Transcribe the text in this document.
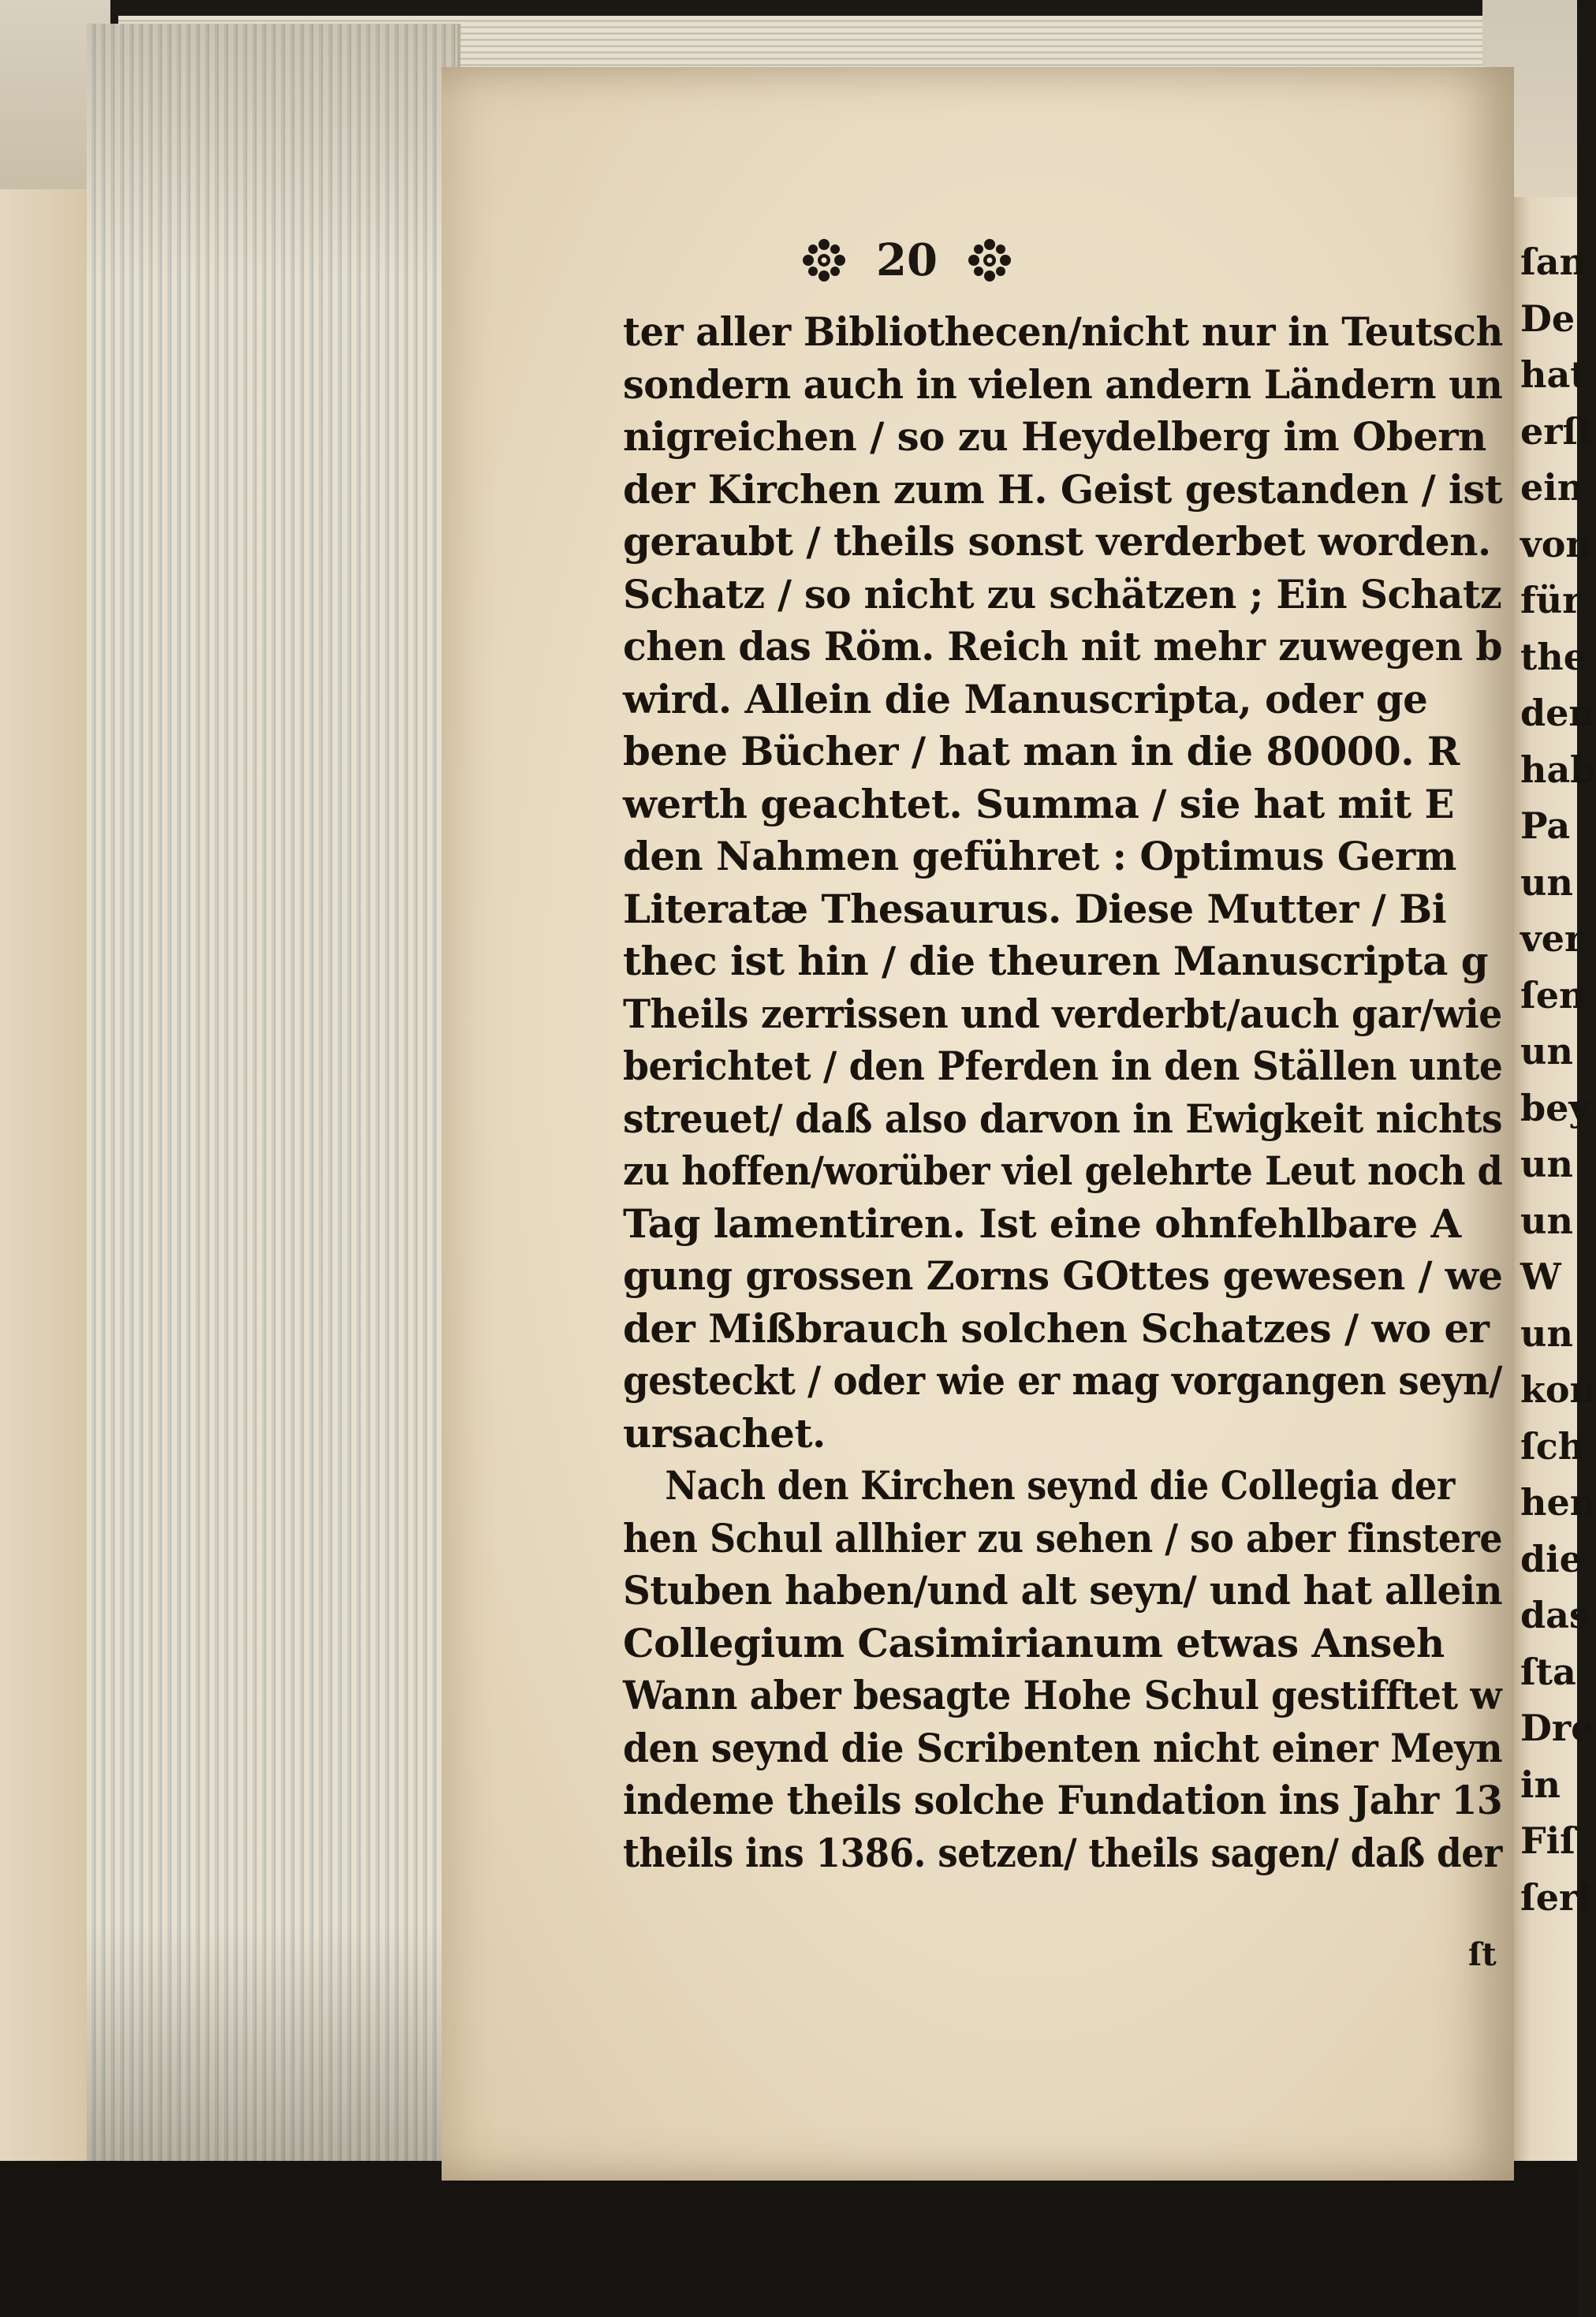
20
ter aller Bibliothecen/nicht nur in Teutsch
sondern auch in vielen andern Ländern un
nigreichen / so zu Heydelberg im Obern
der Kirchen zum H. Geist gestanden / ist
geraubt / theils sonst verderbet worden.
Schatz / so nicht zu schätzen ; Ein Schatz
chen das Röm. Reich nit mehr zuwegen b
wird. Allein die Manuscripta, oder ge
bene Bücher / hat man in die 80000. R
werth geachtet. Summa / sie hat mit E
den Nahmen geführet : Optimus Germ
Literatæ Thesaurus. Diese Mutter / Bi
thec ist hin / die theuren Manuscripta g
Theils zerrissen und verderbt/auch gar/wie
berichtet / den Pferden in den Ställen unte
streuet/ daß also darvon in Ewigkeit nichts
zu hoffen/worüber viel gelehrte Leut noch d
Tag lamentiren. Ist eine ohnfehlbare A
gung grossen Zorns GOttes gewesen / we
der Mißbrauch solchen Schatzes / wo er
gesteckt / oder wie er mag vorgangen seyn/
ursachet.
Nach den Kirchen seynd die Collegia der
hen Schul allhier zu sehen / so aber finstere
Stuben haben/und alt seyn/ und hat allein
Collegium Casimirianum etwas Anseh
Wann aber besagte Hohe Schul gestifftet w
den seynd die Scribenten nicht einer Meyn
indeme theils solche Fundation ins Jahr 13
theils ins 1386. setzen/ theils sagen/ daß der
ſt
ſan
De
hat
erſt
ein
von
für
the
den
hab
Pa
un
ver
ſen
un
bey
un
un
W
un
kon
ſch
hen
die
das
ſta
Dre
in
Fiſ
ſerl
